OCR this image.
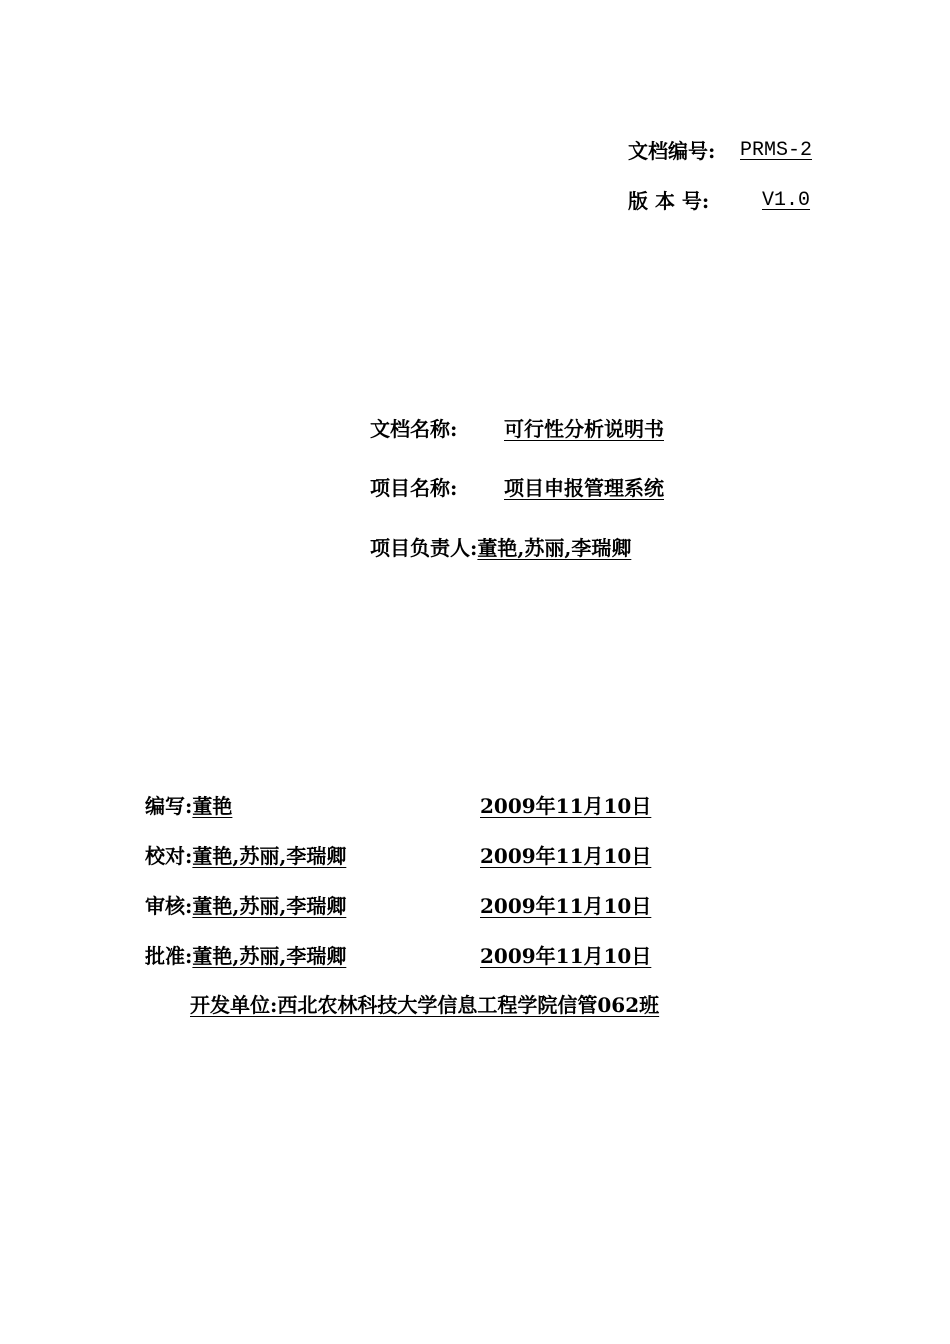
文档编号: PRMS-2
版 本 号:	V1.0
文档名称: 可行性分析说明书
项目名称: 项目申报管理系统
项目负责人:董艳,苏丽,李瑞卿
编写:董艳	2009年11月10日
校对:董艳,苏丽,李瑞卿	2009年11月10日
审核:董艳,苏丽,李瑞卿	2009年11月10日
批准:董艳,苏丽,李瑞卿	2009年11月10日
开发单位:西北农林科技大学信息工程学院信管062班
